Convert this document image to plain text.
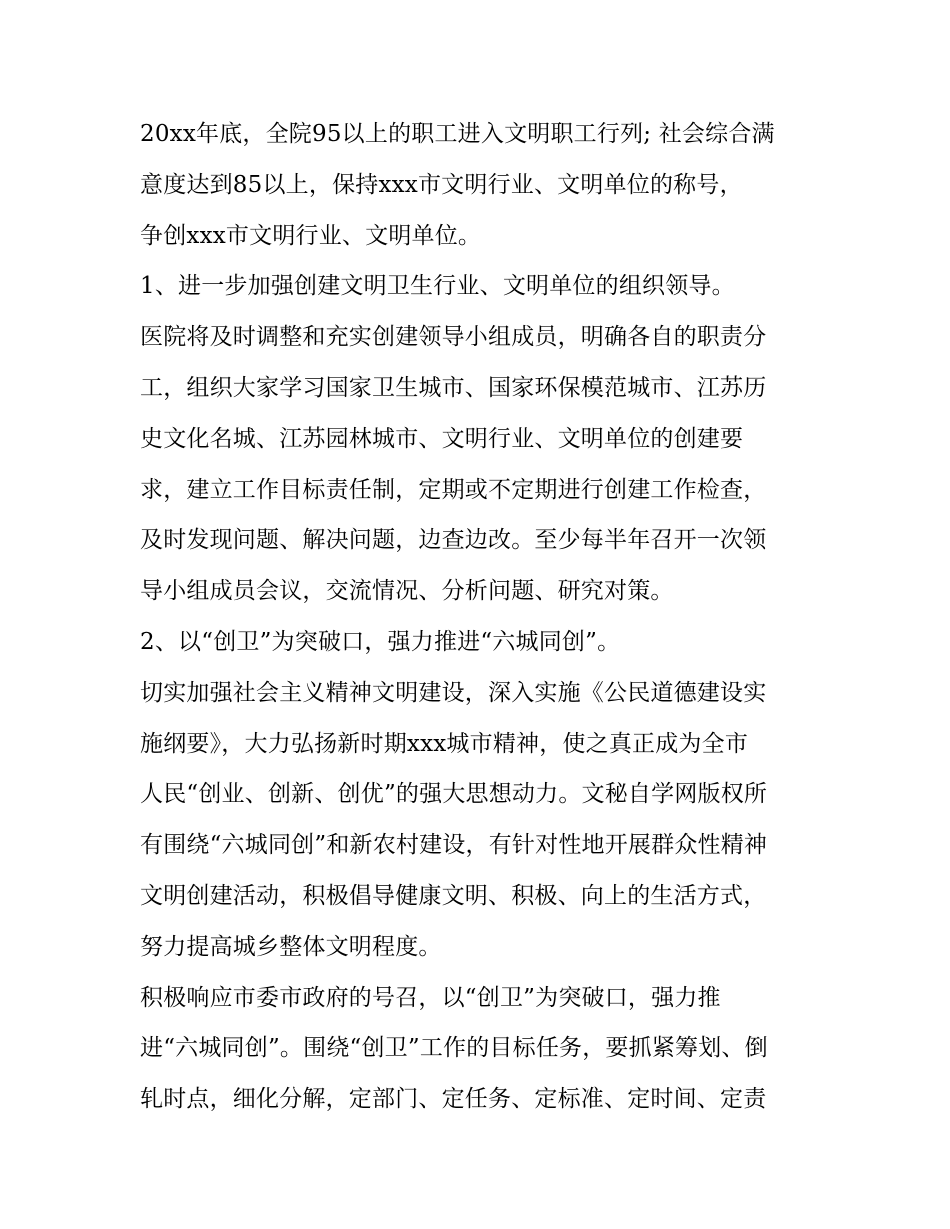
20xx年底，全院95以上的职工进入文明职工行列; 社会综合满
意度达到85以上，保持xxx市文明行业、文明单位的称号，
争创xxx市文明行业、文明单位。
1、进一步加强创建文明卫生行业、文明单位的组织领导。
医院将及时调整和充实创建领导小组成员，明确各自的职责分
工，组织大家学习国家卫生城市、国家环保模范城市、江苏历
史文化名城、江苏园林城市、文明行业、文明单位的创建要
求，建立工作目标责任制，定期或不定期进行创建工作检查，
及时发现问题、解决问题，边查边改。至少每半年召开一次领
导小组成员会议，交流情况、分析问题、研究对策。
2、以“创卫”为突破口，强力推进“六城同创”。
切实加强社会主义精神文明建设，深入实施《公民道德建设实
施纲要》，大力弘扬新时期xxx城市精神，使之真正成为全市
人民“创业、创新、创优”的强大思想动力。文秘自学网版权所
有围绕“六城同创”和新农村建设，有针对性地开展群众性精神
文明创建活动，积极倡导健康文明、积极、向上的生活方式，
努力提高城乡整体文明程度。
积极响应市委市政府的号召，以“创卫”为突破口，强力推
进“六城同创”。围绕“创卫”工作的目标任务，要抓紧筹划、倒
轧时点，细化分解，定部门、定任务、定标准、定时间、定责
